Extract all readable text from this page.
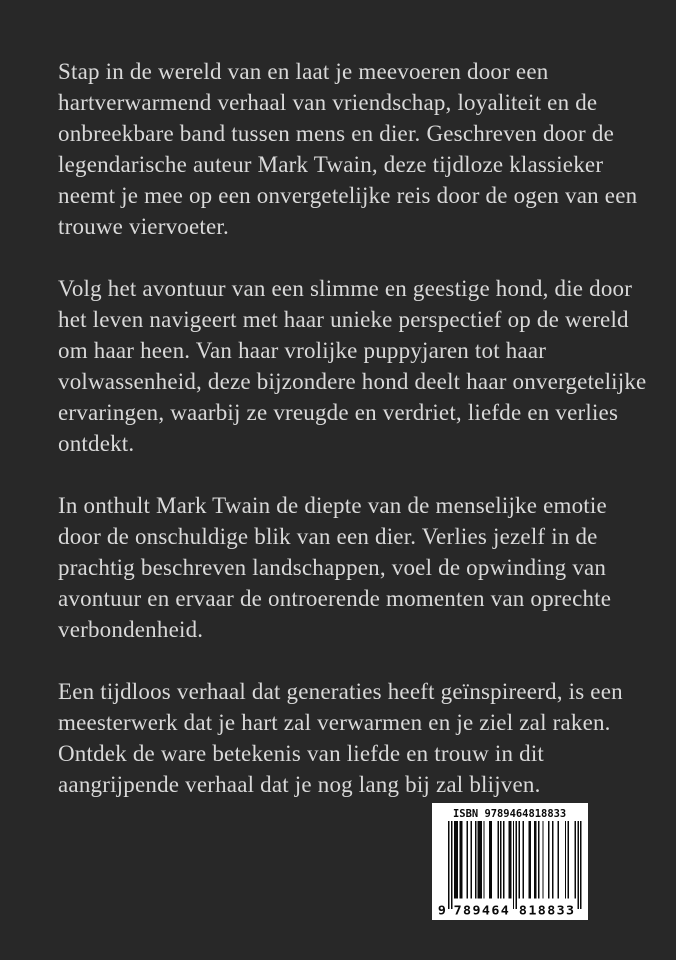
Stap in de wereld van en laat je meevoeren door een hartverwarmend verhaal van vriendschap, loyaliteit en de onbreekbare band tussen mens en dier. Geschreven door de legendarische auteur Mark Twain, deze tijdloze klassieker neemt je mee op een onvergetelijke reis door de ogen van een trouwe viervoeter.

Volg het avontuur van een slimme en geestige hond, die door het leven navigeert met haar unieke perspectief op de wereld om haar heen. Van haar vrolijke puppyjaren tot haar volwassenheid, deze bijzondere hond deelt haar onvergetelijke ervaringen, waarbij ze vreugde en verdriet, liefde en verlies ontdekt.

In onthult Mark Twain de diepte van de menselijke emotie door de onschuldige blik van een dier. Verlies jezelf in de prachtig beschreven landschappen, voel de opwinding van avontuur en ervaar de ontroerende momenten van oprechte verbondenheid.

Een tijdloos verhaal dat generaties heeft geïnspireerd, is een meesterwerk dat je hart zal verwarmen en je ziel zal raken. Ontdek de ware betekenis van liefde en trouw in dit aangrijpende verhaal dat je nog lang bij zal blijven.

ISBN 9789464818833
9 789464 818833
